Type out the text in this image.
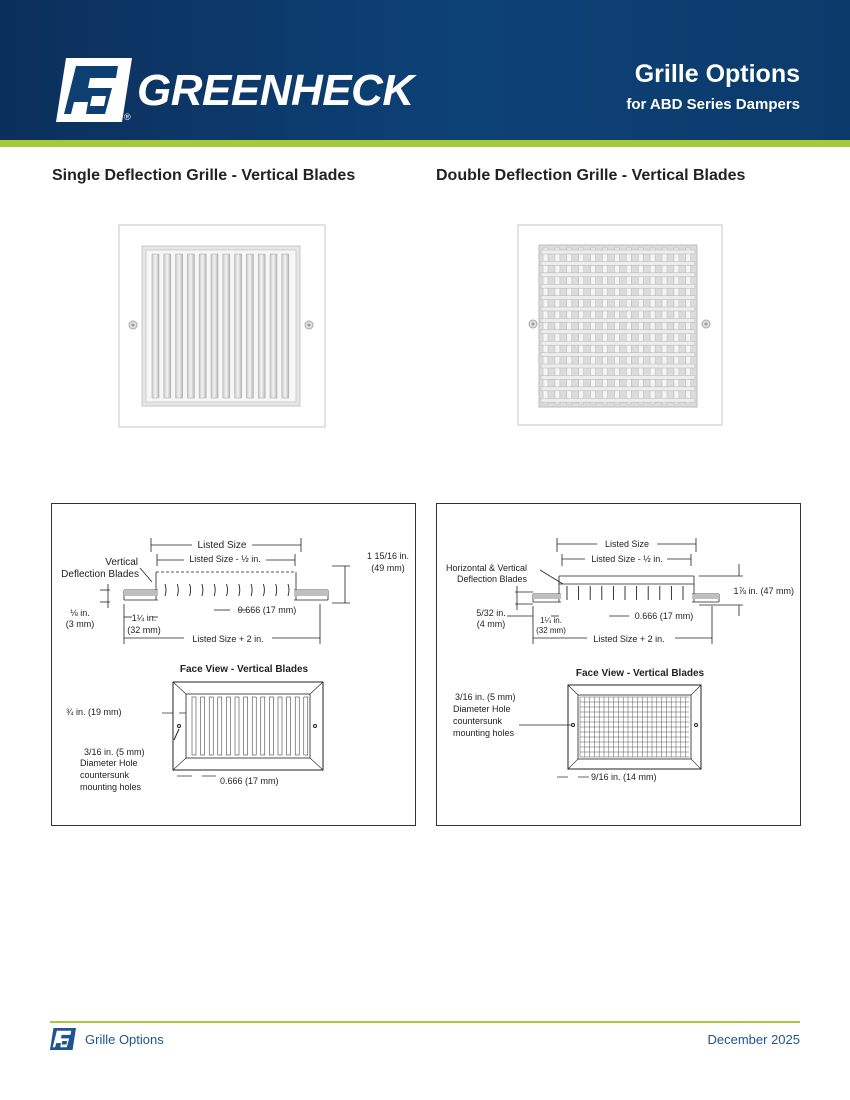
GREENHECK
®
Grille Options
for ABD Series Dampers
Single Deflection Grille - Vertical Blades	Double Deflection Grille - Vertical Blades
Listed Size
Listed Size - ½ in.
Vertical
Deflection Blades
1 15/16 in.
(49 mm)
⅛ in.
(3 mm)
1¼ in.
(32 mm)
0.666 (17 mm)
Listed Size + 2 in.
Face View - Vertical Blades
¾ in. (19 mm)
3/16 in. (5 mm)
Diameter Hole
countersunk
mounting holes
0.666 (17 mm)
Listed Size
Listed Size - ½ in.
Horizontal & Vertical
Deflection Blades
1⅞ in. (47 mm)
5/32 in.
(4 mm)	1¼ in.
(32 mm)
0.666 (17 mm)
Listed Size + 2 in.
Face View - Vertical Blades
3/16 in. (5 mm)
Diameter Hole
countersunk
mounting holes
9/16 in. (14 mm)
Grille Options	December 2025
